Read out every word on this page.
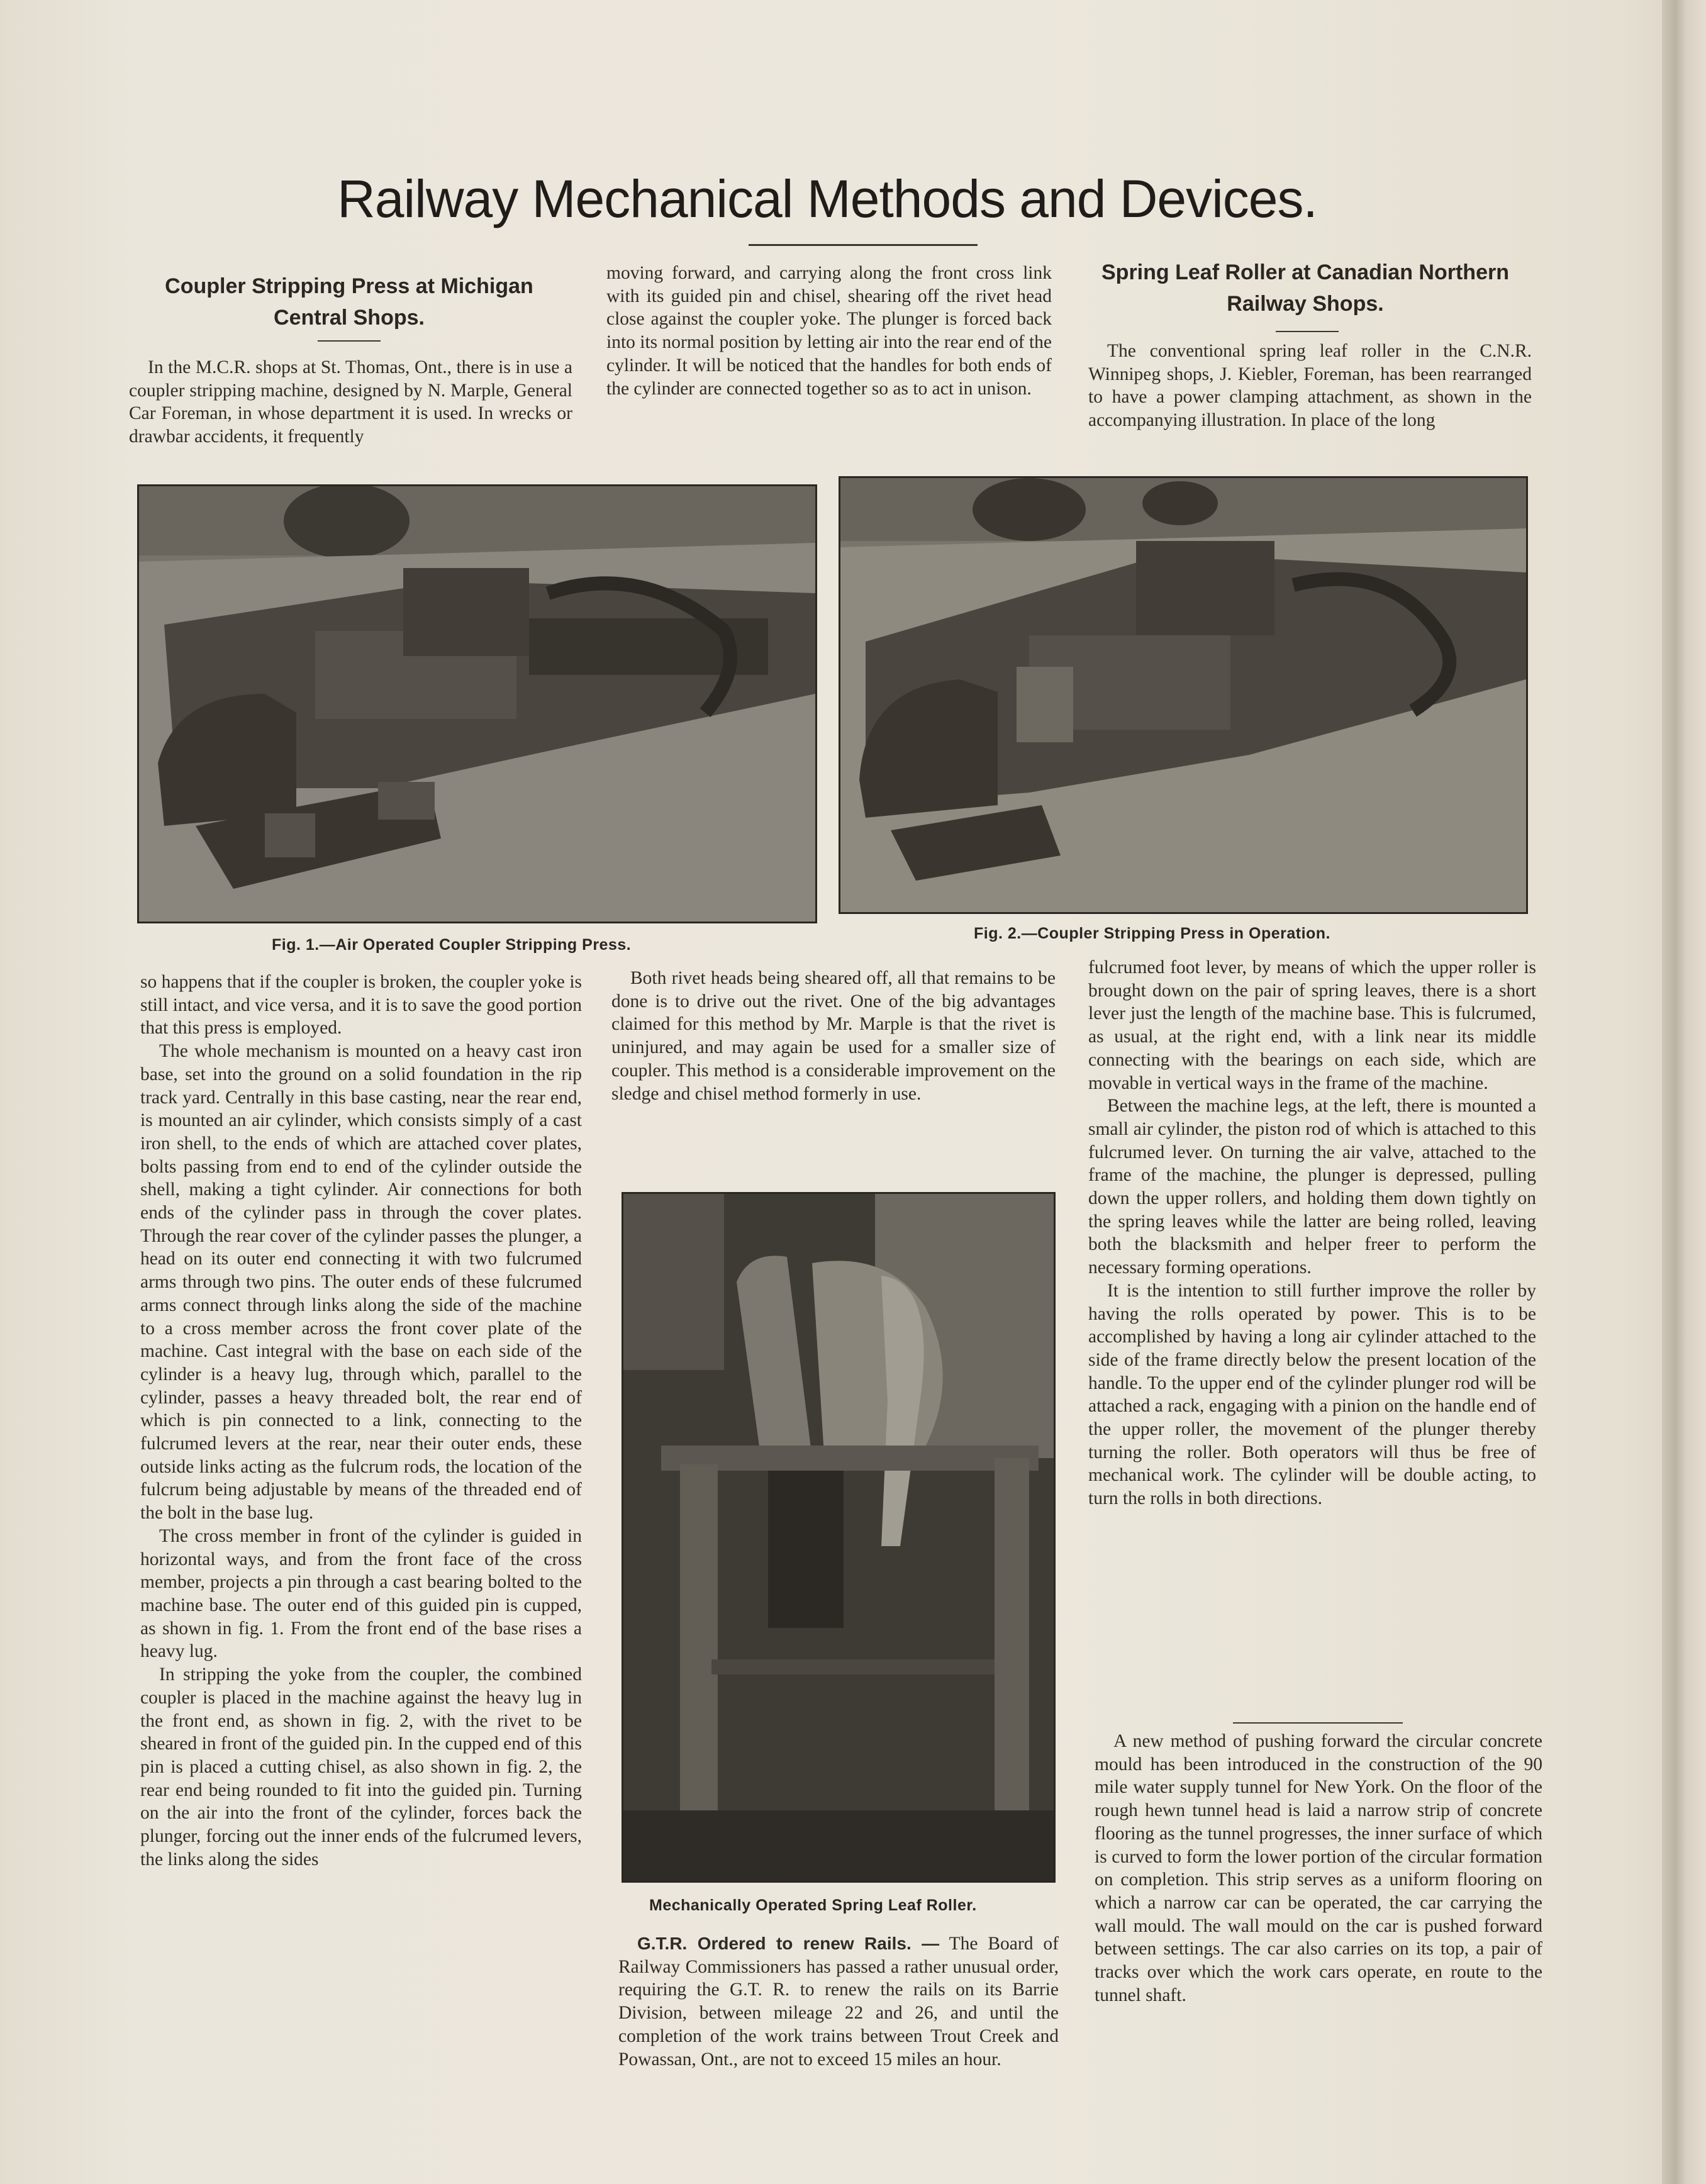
Railway Mechanical Methods and Devices.
Coupler Stripping Press at Michigan Central Shops.

In the M.C.R. shops at St. Thomas, Ont., there is in use a coupler stripping machine, designed by N. Marple, General Car Foreman, in whose department it is used. In wrecks or drawbar accidents, it frequently

moving forward, and carrying along the front cross link with its guided pin and chisel, shearing off the rivet head close against the coupler yoke. The plunger is forced back into its normal position by letting air into the rear end of the cylinder. It will be noticed that the handles for both ends of the cylinder are connected together so as to act in unison.

Spring Leaf Roller at Canadian Northern Railway Shops.

The conventional spring leaf roller in the C.N.R. Winnipeg shops, J. Kiebler, Foreman, has been rearranged to have a power clamping attachment, as shown in the accompanying illustration. In place of the long

Fig. 1.—Air Operated Coupler Stripping Press.
Fig. 2.—Coupler Stripping Press in Operation.

so happens that if the coupler is broken, the coupler yoke is still intact, and vice versa, and it is to save the good portion that this press is employed.

The whole mechanism is mounted on a heavy cast iron base, set into the ground on a solid foundation in the rip track yard. Centrally in this base casting, near the rear end, is mounted an air cylinder, which consists simply of a cast iron shell, to the ends of which are attached cover plates, bolts passing from end to end of the cylinder outside the shell, making a tight cylinder. Air connections for both ends of the cylinder pass in through the cover plates. Through the rear cover of the cylinder passes the plunger, a head on its outer end connecting it with two fulcrumed arms through two pins. The outer ends of these fulcrumed arms connect through links along the side of the machine to a cross member across the front cover plate of the machine. Cast integral with the base on each side of the cylinder is a heavy lug, through which, parallel to the cylinder, passes a heavy threaded bolt, the rear end of which is pin connected to a link, connecting to the fulcrumed levers at the rear, near their outer ends, these outside links acting as the fulcrum rods, the location of the fulcrum being adjustable by means of the threaded end of the bolt in the base lug.

The cross member in front of the cylinder is guided in horizontal ways, and from the front face of the cross member, projects a pin through a cast bearing bolted to the machine base. The outer end of this guided pin is cupped, as shown in fig. 1. From the front end of the base rises a heavy lug.

In stripping the yoke from the coupler, the combined coupler is placed in the machine against the heavy lug in the front end, as shown in fig. 2, with the rivet to be sheared in front of the guided pin. In the cupped end of this pin is placed a cutting chisel, as also shown in fig. 2, the rear end being rounded to fit into the guided pin. Turning on the air into the front of the cylinder, forces back the plunger, forcing out the inner ends of the fulcrumed levers, the links along the sides

Both rivet heads being sheared off, all that remains to be done is to drive out the rivet. One of the big advantages claimed for this method by Mr. Marple is that the rivet is uninjured, and may again be used for a smaller size of coupler. This method is a considerable improvement on the sledge and chisel method formerly in use.

Mechanically Operated Spring Leaf Roller.

G.T.R. Ordered to renew Rails. — The Board of Railway Commissioners has passed a rather unusual order, requiring the G.T. R. to renew the rails on its Barrie Division, between mileage 22 and 26, and until the completion of the work trains between Trout Creek and Powassan, Ont., are not to exceed 15 miles an hour.

fulcrumed foot lever, by means of which the upper roller is brought down on the pair of spring leaves, there is a short lever just the length of the machine base. This is fulcrumed, as usual, at the right end, with a link near its middle connecting with the bearings on each side, which are movable in vertical ways in the frame of the machine.

Between the machine legs, at the left, there is mounted a small air cylinder, the piston rod of which is attached to this fulcrumed lever. On turning the air valve, attached to the frame of the machine, the plunger is depressed, pulling down the upper rollers, and holding them down tightly on the spring leaves while the latter are being rolled, leaving both the blacksmith and helper freer to perform the necessary forming operations.

It is the intention to still further improve the roller by having the rolls operated by power. This is to be accomplished by having a long air cylinder attached to the side of the frame directly below the present location of the handle. To the upper end of the cylinder plunger rod will be attached a rack, engaging with a pinion on the handle end of the upper roller, the movement of the plunger thereby turning the roller. Both operators will thus be free of mechanical work. The cylinder will be double acting, to turn the rolls in both directions.

A new method of pushing forward the circular concrete mould has been introduced in the construction of the 90 mile water supply tunnel for New York. On the floor of the rough hewn tunnel head is laid a narrow strip of concrete flooring as the tunnel progresses, the inner surface of which is curved to form the lower portion of the circular formation on completion. This strip serves as a uniform flooring on which a narrow car can be operated, the car carrying the wall mould. The wall mould on the car is pushed forward between settings. The car also carries on its top, a pair of tracks over which the work cars operate, en route to the tunnel shaft.
